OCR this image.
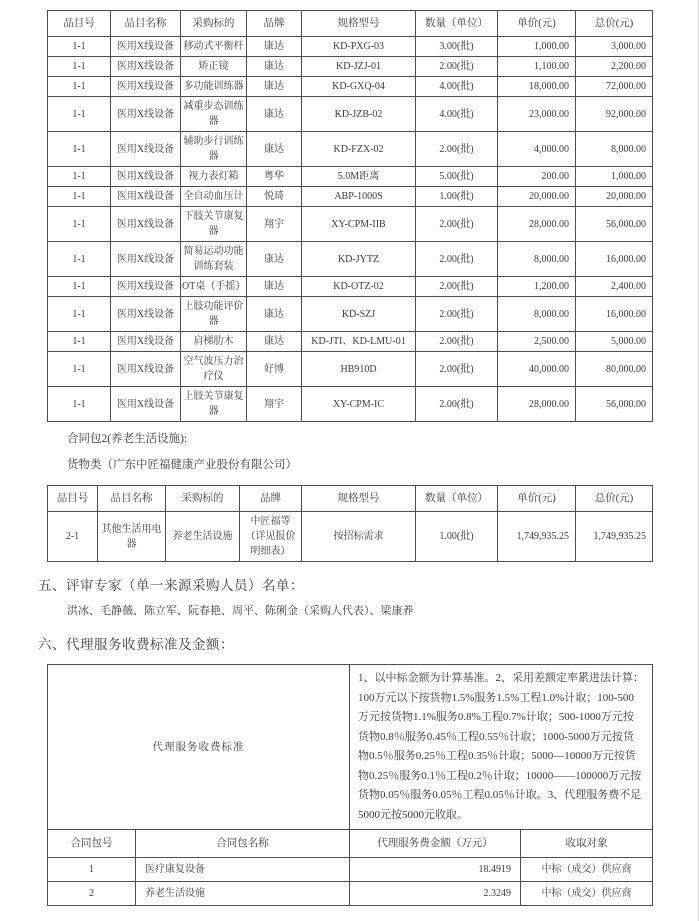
品目号	品目名称	采购标的	品牌	规格型号	数量（单位）	单价(元)	总价(元)
1-1	医用X线设备	移动式平衡杆	康达	KD-PXG-03	3.00(批)	1,000.00	3,000.00
1-1	医用X线设备	矫正镜	康达	KD-JZJ-01	2.00(批)	1,100.00	2,200.00
1-1	医用X线设备	多功能训练器	康达	KD-GXQ-04	4.00(批)	18,000.00	72,000.00
1-1	医用X线设备	减重步态训练器	康达	KD-JZB-02	4.00(批)	23,000.00	92,000.00
1-1	医用X线设备	辅助步行训练器	康达	KD-FZX-02	2.00(批)	4,000.00	8,000.00
1-1	医用X线设备	视力表灯箱	粤华	5.0M距离	5.00(批)	200.00	1,000.00
1-1	医用X线设备	全自动血压计	悦琦	ABP-1000S	1.00(批)	20,000.00	20,000.00
1-1	医用X线设备	下肢关节康复器	翔宇	XY-CPM-IIB	2.00(批)	28,000.00	56,000.00
1-1	医用X线设备	简易运动功能训练套装	康达	KD-JYTZ	2.00(批)	8,000.00	16,000.00
1-1	医用X线设备	OT桌（手摇）	康达	KD-OTZ-02	2.00(批)	1,200.00	2,400.00
1-1	医用X线设备	上肢功能评价器	康达	KD-SZJ	2.00(批)	8,000.00	16,000.00
1-1	医用X线设备	肩梯肋木	康达	KD-JTI、KD-LMU-01	2.00(批)	2,500.00	5,000.00
1-1	医用X线设备	空气波压力治疗仪	好博	HB910D	2.00(批)	40,000.00	80,000.00
1-1	医用X线设备	上肢关节康复器	翔宇	XY-CPM-IC	2.00(批)	28,000.00	56,000.00
合同包2(养老生活设施):
货物类（广东中匠福健康产业股份有限公司）
品目号	品目名称	采购标的	品牌	规格型号	数量（单位）	单价(元)	总价(元)
2-1	其他生活用电器	养老生活设施	中匠福等（详见报价明细表）	按招标需求	1.00(批)	1,749,935.25	1,749,935.25
五、评审专家（单一来源采购人员）名单：
洪冰、毛静薇、陈立军、阮春艳、周平、陈俐金（采购人代表）、梁康养
六、代理服务收费标准及金额：
代理服务收费标准		1、以中标金额为计算基准。2、采用差额定率累进法计算：100万元以下按货物1.5%服务1.5%工程1.0%计取；100-500万元按货物1.1%服务0.8%工程0.7%计取；500-1000万元按货物0.8％服务0.45％工程0.55％计取；1000-5000万元按货物0.5％服务0.25％工程0.35％计取；5000—10000万元按货物0.25％服务0.1％工程0.2％计取；10000——100000万元按货物0.05％服务0.05％工程0.05％计取。3、代理服务费不足5000元按5000元收取。	
合同包号	合同包名称	代理服务费金额（万元）	收取对象
1	医疗康复设备	18.4919	中标（成交）供应商
2	养老生活设施	2.3249	中标（成交）供应商
